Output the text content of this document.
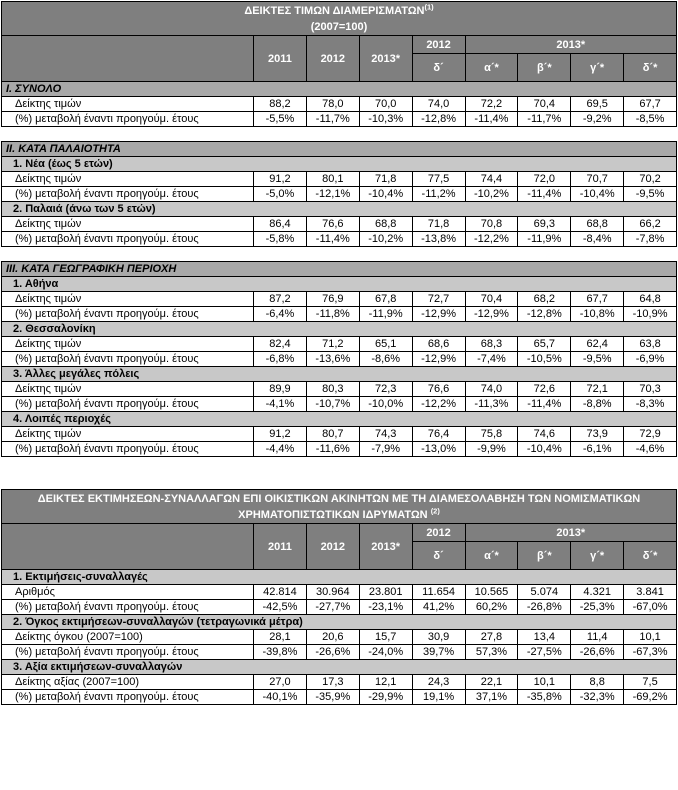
ΔΕΙΚΤΕΣ ΤΙΜΩΝ ΔΙΑΜΕΡΙΣΜΑΤΩΝ$^{(1)}$
(2007=100)								

	2011	2012	2013*	2012	2013*			
				δ´	α´*	β´*	γ´*	δ´*
Ι. ΣΥΝΟΛΟ								
Δείκτης τιμών	88,2	78,0	70,0	74,0	72,2	70,4	69,5	67,7
(%) μεταβολή έναντι προηγούμ. έτους	-5,5%	-11,7%	-10,3%	-12,8%	-11,4%	-11,7%	-9,2%	-8,5%

ΙΙ. ΚΑΤΑ ΠΑΛΑΙΟΤΗΤΑ								
1. Νέα (έως 5 ετών)								
Δείκτης τιμών	91,2	80,1	71,8	77,5	74,4	72,0	70,7	70,2
(%) μεταβολή έναντι προηγούμ. έτους	-5,0%	-12,1%	-10,4%	-11,2%	-10,2%	-11,4%	-10,4%	-9,5%
2. Παλαιά (άνω των 5 ετών)								
Δείκτης τιμών	86,4	76,6	68,8	71,8	70,8	69,3	68,8	66,2
(%) μεταβολή έναντι προηγούμ. έτους	-5,8%	-11,4%	-10,2%	-13,8%	-12,2%	-11,9%	-8,4%	-7,8%

ΙΙΙ. ΚΑΤΑ ΓΕΩΓΡΑΦΙΚΗ ΠΕΡΙΟΧΗ								
1. Αθήνα								
Δείκτης τιμών	87,2	76,9	67,8	72,7	70,4	68,2	67,7	64,8
(%) μεταβολή έναντι προηγούμ. έτους	-6,4%	-11,8%	-11,9%	-12,9%	-12,9%	-12,8%	-10,8%	-10,9%
2. Θεσσαλονίκη								
Δείκτης τιμών	82,4	71,2	65,1	68,6	68,3	65,7	62,4	63,8
(%) μεταβολή έναντι προηγούμ. έτους	-6,8%	-13,6%	-8,6%	-12,9%	-7,4%	-10,5%	-9,5%	-6,9%
3. Άλλες μεγάλες πόλεις								
Δείκτης τιμών	89,9	80,3	72,3	76,6	74,0	72,6	72,1	70,3
(%) μεταβολή έναντι προηγούμ. έτους	-4,1%	-10,7%	-10,0%	-12,2%	-11,3%	-11,4%	-8,8%	-8,3%
4. Λοιπές περιοχές								
Δείκτης τιμών	91,2	80,7	74,3	76,4	75,8	74,6	73,9	72,9
(%) μεταβολή έναντι προηγούμ. έτους	-4,4%	-11,6%	-7,9%	-13,0%	-9,9%	-10,4%	-6,1%	-4,6%
ΔΕΙΚΤΕΣ ΕΚΤΙΜΗΣΕΩΝ-ΣΥΝΑΛΛΑΓΩΝ ΕΠΙ ΟΙΚΙΣΤΙΚΩΝ ΑΚΙΝΗΤΩΝ ΜΕ ΤΗ ΔΙΑΜΕΣΟΛΑΒΗΣΗ ΤΩΝ ΝΟΜΙΣΜΑΤΙΚΩΝ ΧΡΗΜΑΤΟΠΙΣΤΩΤΙΚΩΝ ΙΔΡΥΜΑΤΩΝ $^{(2)}$

	2011	2012	2013*	2012	2013*			
				δ´	α´*	β´*	γ´*	δ´*
1. Εκτιμήσεις-συναλλαγές								
Αριθμός	42.814	30.964	23.801	11.654	10.565	5.074	4.321	3.841
(%) μεταβολή έναντι προηγούμ. έτους	-42,5%	-27,7%	-23,1%	41,2%	60,2%	-26,8%	-25,3%	-67,0%
2. Όγκος εκτιμήσεων-συναλλαγών (τετραγωνικά μέτρα)								
Δείκτης όγκου (2007=100)	28,1	20,6	15,7	30,9	27,8	13,4	11,4	10,1
(%) μεταβολή έναντι προηγούμ. έτους	-39,8%	-26,6%	-24,0%	39,7%	57,3%	-27,5%	-26,6%	-67,3%
3. Αξία εκτιμήσεων-συναλλαγών								
Δείκτης αξίας (2007=100)	27,0	17,3	12,1	24,3	22,1	10,1	8,8	7,5
(%) μεταβολή έναντι προηγούμ. έτους	-40,1%	-35,9%	-29,9%	19,1%	37,1%	-35,8%	-32,3%	-69,2%
